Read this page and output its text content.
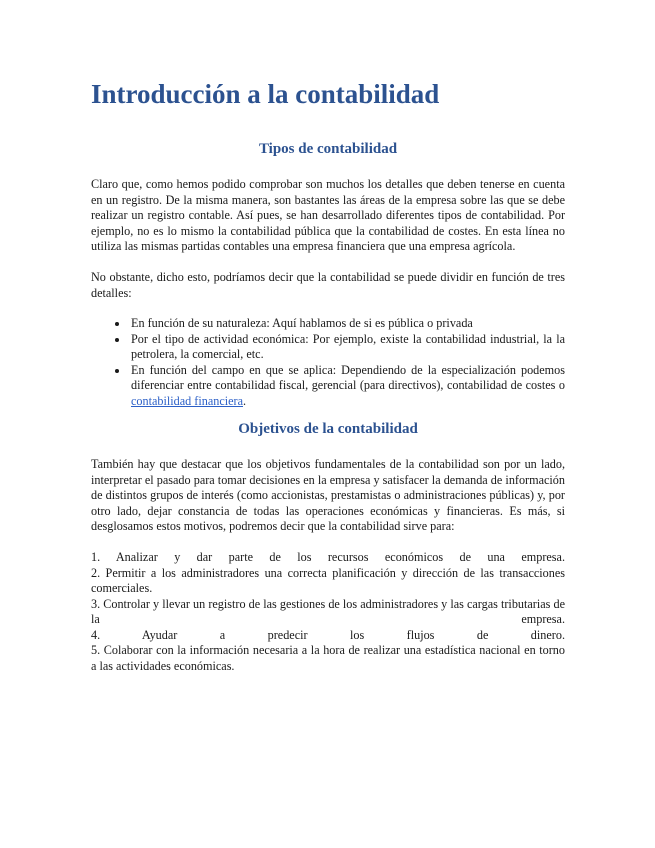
Introducción a la contabilidad
Tipos de contabilidad

Claro que, como hemos podido comprobar son muchos los detalles que deben tenerse en cuenta en un registro. De la misma manera, son bastantes las áreas de la empresa sobre las que se debe realizar un registro contable. Así pues, se han desarrollado diferentes tipos de contabilidad. Por ejemplo, no es lo mismo la contabilidad pública que la contabilidad de costes. En esta línea no utiliza las mismas partidas contables una empresa financiera que una empresa agrícola.

No obstante, dicho esto, podríamos decir que la contabilidad se puede dividir en función de tres detalles:

• En función de su naturaleza: Aquí hablamos de si es pública o privada
• Por el tipo de actividad económica: Por ejemplo, existe la contabilidad industrial, la la petrolera, la comercial, etc.
• En función del campo en que se aplica: Dependiendo de la especialización podemos diferenciar entre contabilidad fiscal, gerencial (para directivos), contabilidad de costes o contabilidad financiera.
Objetivos de la contabilidad

También hay que destacar que los objetivos fundamentales de la contabilidad son por un lado, interpretar el pasado para tomar decisiones en la empresa y satisfacer la demanda de información de distintos grupos de interés (como accionistas, prestamistas o administraciones públicas) y, por otro lado, dejar constancia de todas las operaciones económicas y financieras. Es más, si desglosamos estos motivos, podremos decir que la contabilidad sirve para:

1. Analizar y dar parte de los recursos económicos de una empresa.

2. Permitir a los administradores una correcta planificación y dirección de las transacciones comerciales.

3. Controlar y llevar un registro de las gestiones de los administradores y las cargas tributarias de la empresa.

4. Ayudar a predecir los flujos de dinero.

5. Colaborar con la información necesaria a la hora de realizar una estadística nacional en torno a las actividades económicas.
